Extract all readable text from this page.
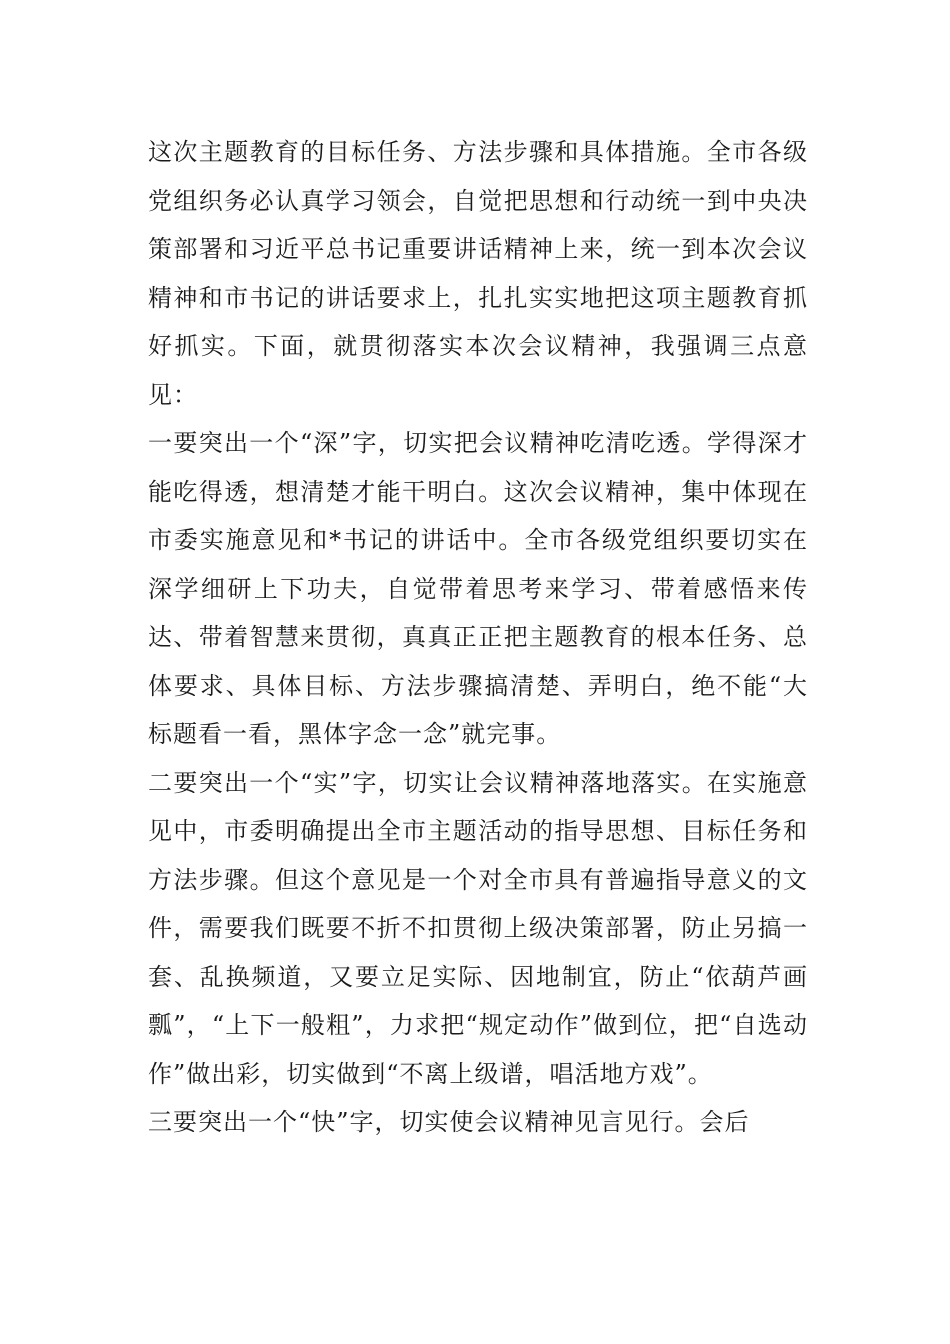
这次主题教育的目标任务、方法步骤和具体措施。全市各级党组织务必认真学习领会，自觉把思想和行动统一到中央决策部署和习近平总书记重要讲话精神上来，统一到本次会议精神和市书记的讲话要求上，扎扎实实地把这项主题教育抓好抓实。下面，就贯彻落实本次会议精神，我强调三点意见：

一要突出一个“深”字，切实把会议精神吃清吃透。学得深才能吃得透，想清楚才能干明白。这次会议精神，集中体现在市委实施意见和*书记的讲话中。全市各级党组织要切实在深学细研上下功夫，自觉带着思考来学习、带着感悟来传达、带着智慧来贯彻，真真正正把主题教育的根本任务、总体要求、具体目标、方法步骤搞清楚、弄明白，绝不能“大标题看一看，黑体字念一念”就完事。

二要突出一个“实”字，切实让会议精神落地落实。在实施意见中，市委明确提出全市主题活动的指导思想、目标任务和方法步骤。但这个意见是一个对全市具有普遍指导意义的文件，需要我们既要不折不扣贯彻上级决策部署，防止另搞一套、乱换频道，又要立足实际、因地制宜，防止“依葫芦画瓢”，“上下一般粗”，力求把“规定动作”做到位，把“自选动作”做出彩，切实做到“不离上级谱，唱活地方戏”。

三要突出一个“快”字，切实使会议精神见言见行。会后
